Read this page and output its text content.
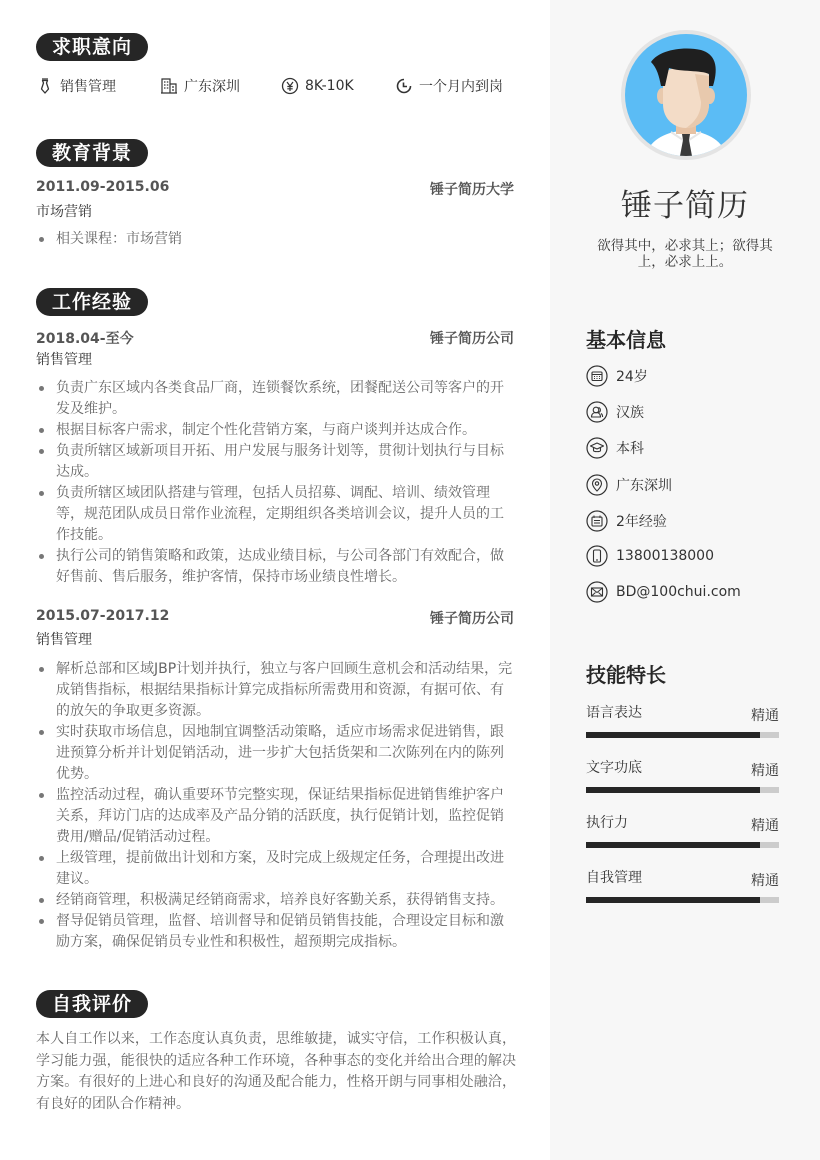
求职意向
销售管理	广东深圳	8K-10K	一个月内到岗
教育背景
2011.09-2015.06	锤子简历大学
市场营销
相关课程：市场营销
工作经验
2018.04-至今	锤子简历公司
销售管理
负责广东区域内各类食品厂商，连锁餐饮系统，团餐配送公司等客户的开发及维护。
根据目标客户需求，制定个性化营销方案，与商户谈判并达成合作。
负责所辖区域新项目开拓、用户发展与服务计划等，贯彻计划执行与目标达成。
负责所辖区域团队搭建与管理，包括人员招募、调配、培训、绩效管理等，规范团队成员日常作业流程，定期组织各类培训会议，提升人员的工作技能。
执行公司的销售策略和政策，达成业绩目标，与公司各部门有效配合，做好售前、售后服务，维护客情，保持市场业绩良性增长。
2015.07-2017.12	锤子简历公司
销售管理
解析总部和区域JBP计划并执行，独立与客户回顾生意机会和活动结果，完成销售指标，根据结果指标计算完成指标所需费用和资源，有据可依、有的放矢的争取更多资源。
实时获取市场信息，因地制宜调整活动策略，适应市场需求促进销售，跟进预算分析并计划促销活动，进一步扩大包括货架和二次陈列在内的陈列优势。
监控活动过程，确认重要环节完整实现，保证结果指标促进销售维护客户关系，拜访门店的达成率及产品分销的活跃度，执行促销计划，监控促销费用/赠品/促销活动过程。
上级管理，提前做出计划和方案，及时完成上级规定任务，合理提出改进建议。
经销商管理，积极满足经销商需求，培养良好客勤关系，获得销售支持。
督导促销员管理，监督、培训督导和促销员销售技能，合理设定目标和激励方案，确保促销员专业性和积极性，超预期完成指标。
自我评价
本人自工作以来，工作态度认真负责，思维敏捷，诚实守信，工作积极认真，学习能力强，能很快的适应各种工作环境，各种事态的变化并给出合理的解决方案。有很好的上进心和良好的沟通及配合能力，性格开朗与同事相处融洽，有良好的团队合作精神。
锤子简历
欲得其中，必求其上；欲得其上，必求上上。
基本信息
24岁
汉族
本科
广东深圳
2年经验
13800138000
BD@100chui.com
技能特长
语言表达	精通
文字功底	精通
执行力	精通
自我管理	精通
